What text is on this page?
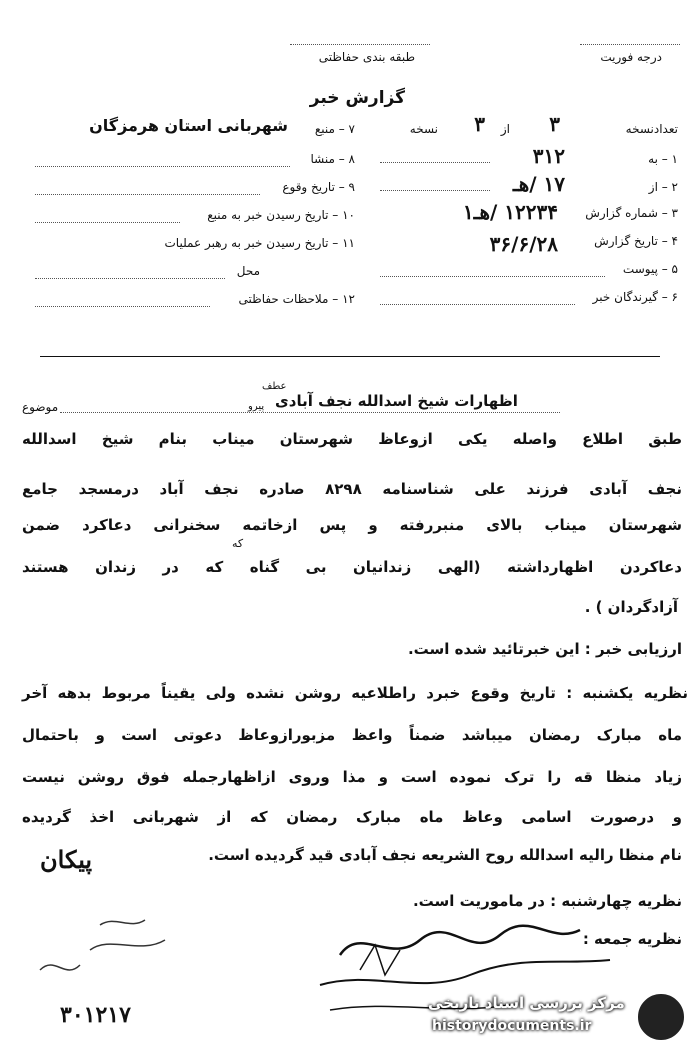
درجه فوریت
طبقه بندی حفاظتی
گزارش خبر
تعدادنسخه
۳
از
۳
نسخه
۱ – به
۳۱۲
۲ – از
۱۷ /هـ
۳ – شماره گزارش
۱۲۲۳۴ /هـ۱
۴ – تاریخ گزارش
۳۶/۶/۲۸
۵ – پیوست
۶ – گیرندگان خبر
۷ – منبع
شهربانی استان هرمزگان
۸ – منشا
۹ – تاریخ وقوع
۱۰ – تاریخ رسیدن خبر به منبع
۱۱ – تاریخ رسیدن خبر به رهبر عملیات
محل
۱۲ – ملاحظات حفاظتی
موضوع	اظهارات شیخ اسدالله نجف آبادی
عطف
پیرو
طبق اطلاع واصله یکی ازوعاظ شهرستان میناب بنام شیخ اسدالله
نجف آبادی فرزند علی شناسنامه ۸۲۹۸ صادره نجف آباد درمسجد جامع
شهرستان میناب بالای منبررفته و پس ازخاتمه سخنرانی دعاکرد ضمن
که
دعاکردن اظهارداشته (الهی زندانیان بی گناه که در زندان هستند
آزادگردان ) .
ارزیابی خبر : این خبرتائید شده است.
نظریه یکشنبه : تاریخ وقوع خبرد راطلاعیه روشن نشده ولی یقیناً مربوط بدهه آخر
ماه مبارک رمضان میباشد ضمناً واعظ مزبورازوعاظ دعوتی است و باحتمال
زیاد منظا قه را ترک نموده است و مذا وروی ازاظهارجمله فوق روشن نیست
و درصورت اسامی وعاظ ماه مبارک رمضان که از شهربانی اخذ گردیده
نام منظا رالیه اسدالله روح الشریعه نجف آبادی قید گردیده است.
پیکان
نظریه چهارشنبه : در ماموریت است.
نظریه جمعه :
۳۰۱۲۱۷	مرکز بررسی اسناد تاریخی
historydocuments.ir
